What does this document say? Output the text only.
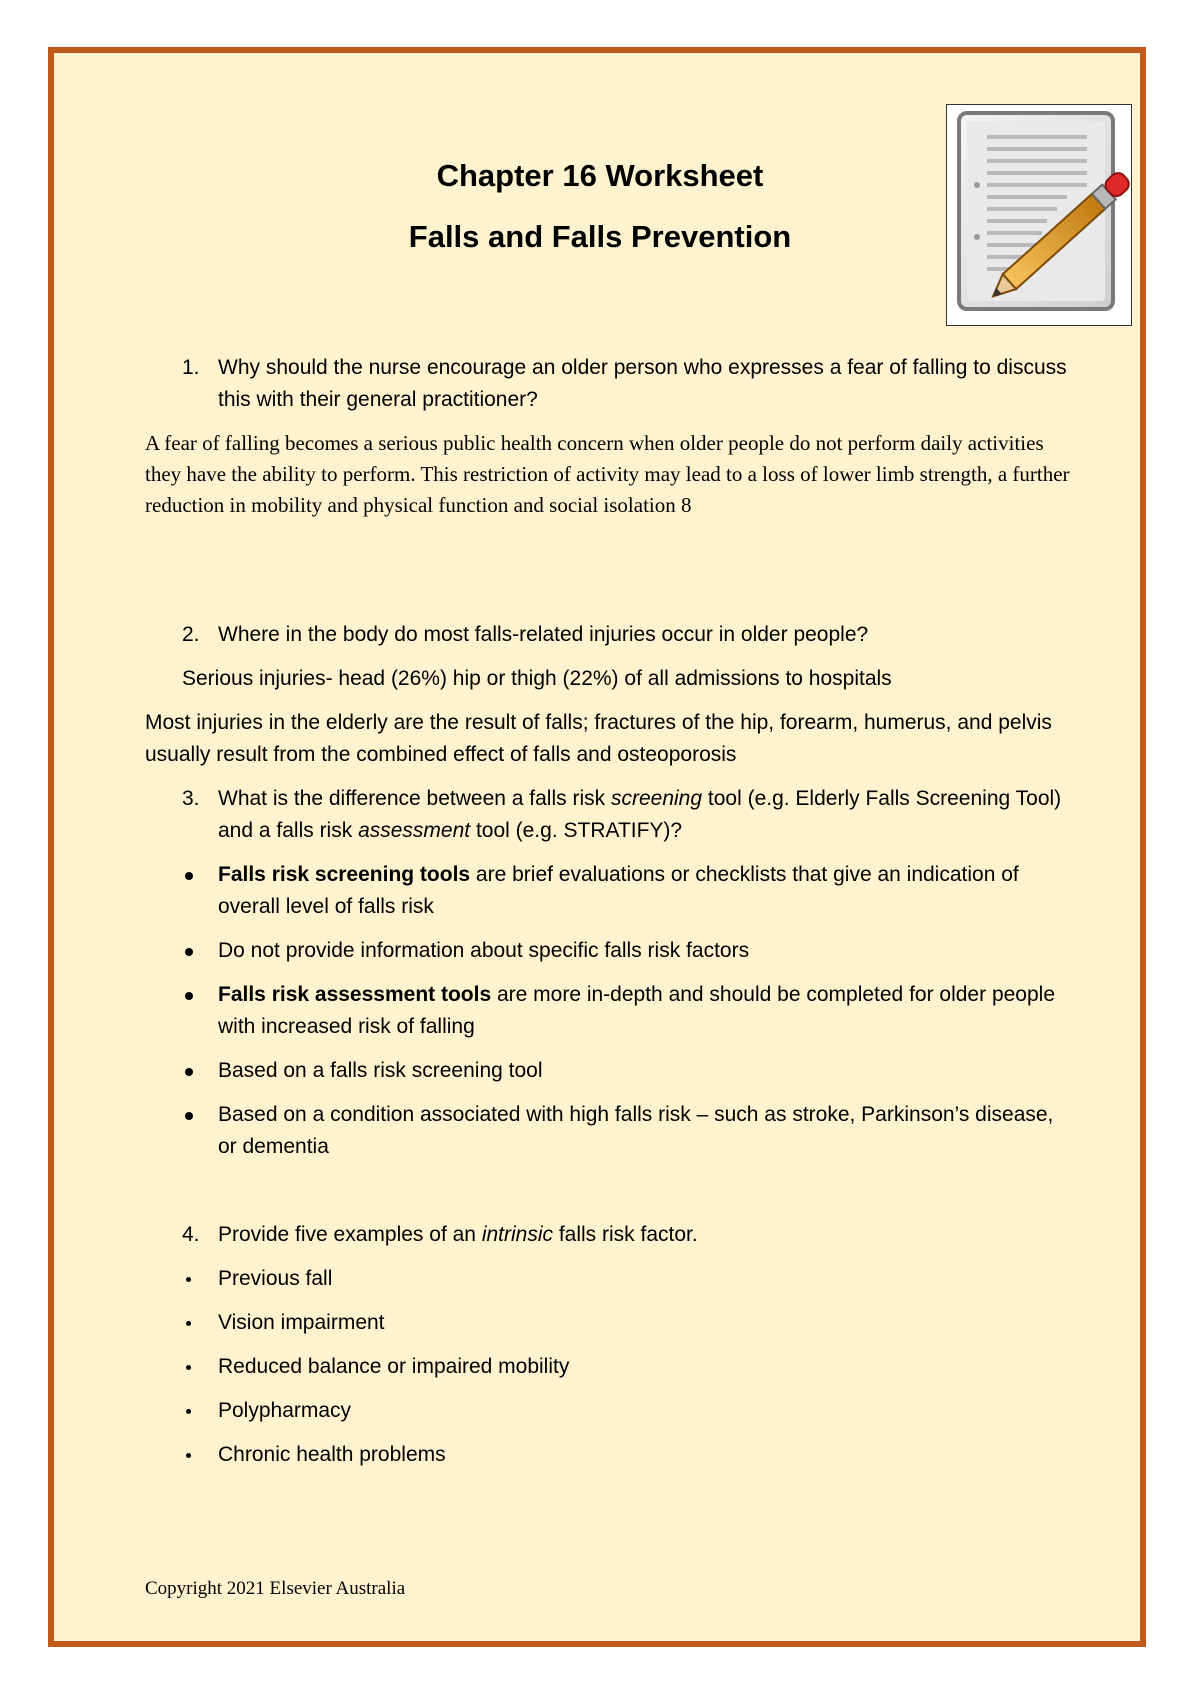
Chapter 16 Worksheet
Falls and Falls Prevention
1. Why should the nurse encourage an older person who expresses a fear of falling to discuss this with their general practitioner?
A fear of falling becomes a serious public health concern when older people do not perform daily activities they have the ability to perform. This restriction of activity may lead to a loss of lower limb strength, a further reduction in mobility and physical function and social isolation 8
2. Where in the body do most falls-related injuries occur in older people?
Serious injuries- head (26%) hip or thigh (22%) of all admissions to hospitals
Most injuries in the elderly are the result of falls; fractures of the hip, forearm, humerus, and pelvis usually result from the combined effect of falls and osteoporosis
3. What is the difference between a falls risk screening tool (e.g. Elderly Falls Screening Tool) and a falls risk assessment tool (e.g. STRATIFY)?
Falls risk screening tools are brief evaluations or checklists that give an indication of overall level of falls risk
Do not provide information about specific falls risk factors
Falls risk assessment tools are more in-depth and should be completed for older people with increased risk of falling
Based on a falls risk screening tool
Based on a condition associated with high falls risk – such as stroke, Parkinson’s disease, or dementia
4. Provide five examples of an intrinsic falls risk factor.
Previous fall
Vision impairment
Reduced balance or impaired mobility
Polypharmacy
Chronic health problems
Copyright 2021 Elsevier Australia
